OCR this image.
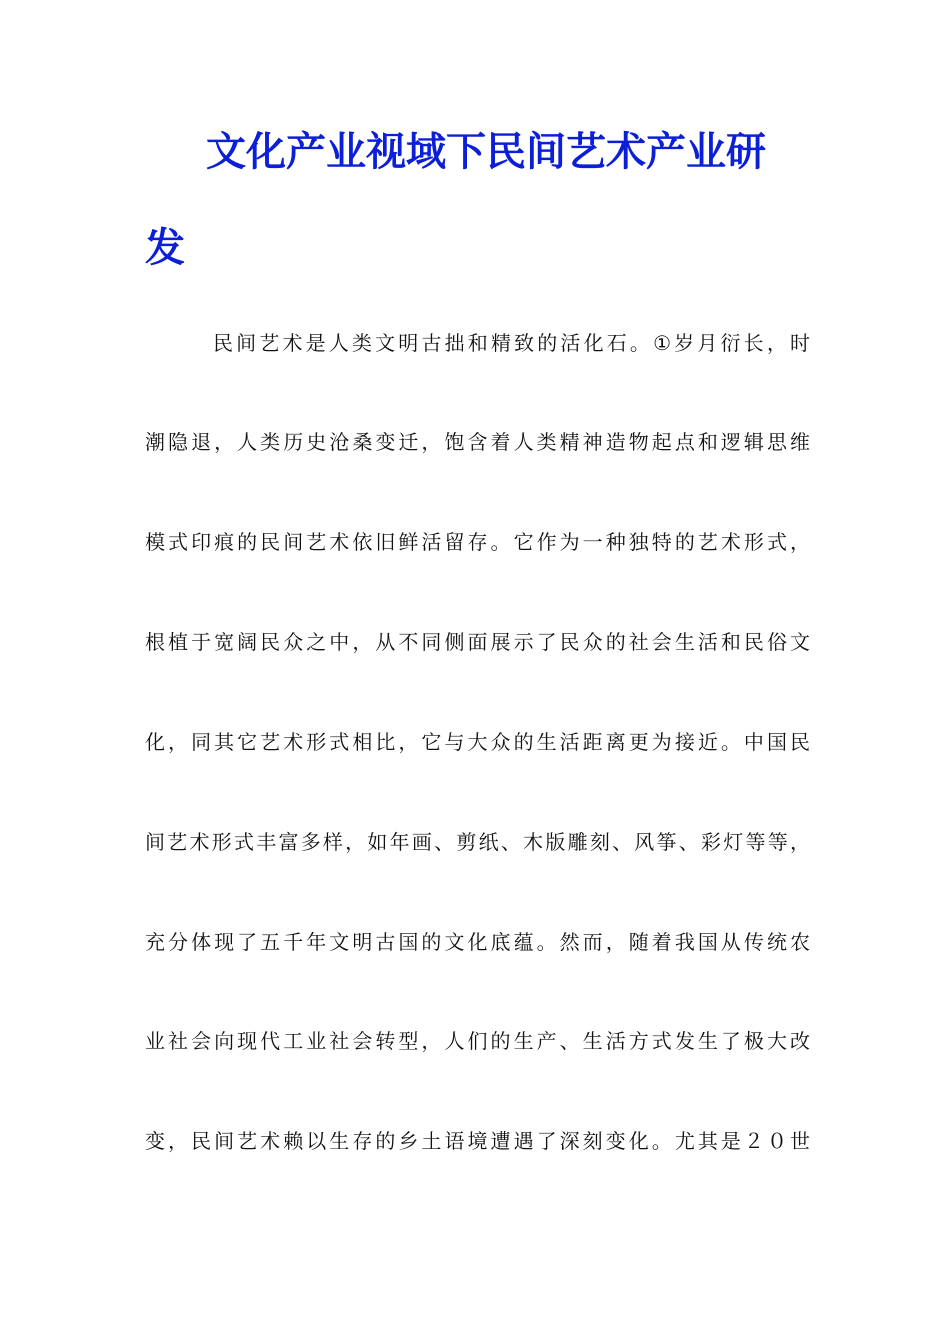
文化产业视域下民间艺术产业研
发
民间艺术是人类文明古拙和精致的活化石。①岁月衍长，时
潮隐退，人类历史沧桑变迁，饱含着人类精神造物起点和逻辑思维
模式印痕的民间艺术依旧鲜活留存。它作为一种独特的艺术形式，
根植于宽阔民众之中，从不同侧面展示了民众的社会生活和民俗文
化，同其它艺术形式相比，它与大众的生活距离更为接近。中国民
间艺术形式丰富多样，如年画、剪纸、木版雕刻、风筝、彩灯等等，
充分体现了五千年文明古国的文化底蕴。然而，随着我国从传统农
业社会向现代工业社会转型，人们的生产、生活方式发生了极大改
变，民间艺术赖以生存的乡土语境遭遇了深刻变化。尤其是２０世
